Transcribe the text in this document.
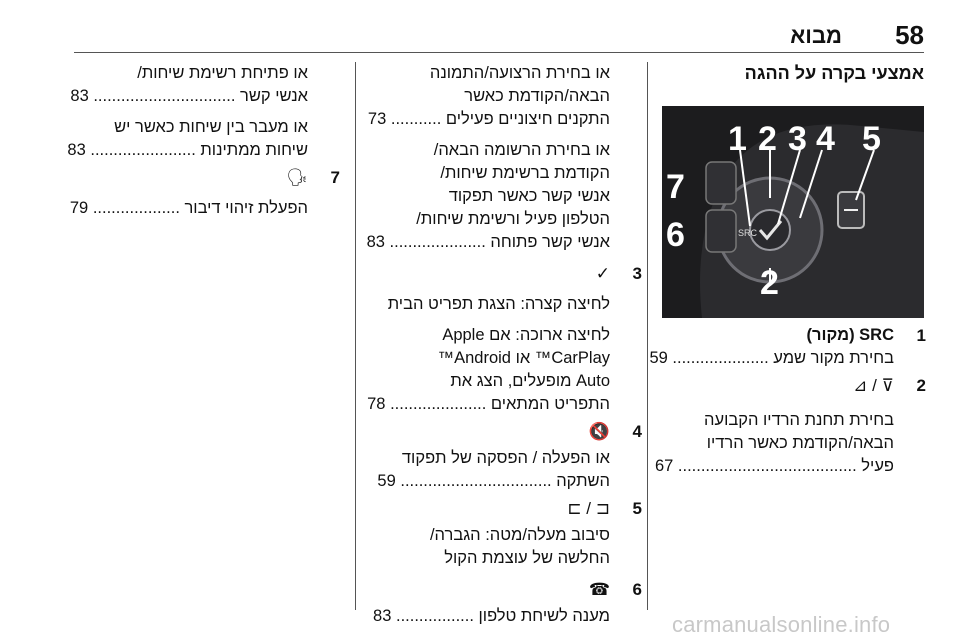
58
מבוא
אמצעי בקרה על ההגה
SRC
1 2 3 4 5
6
7
2
1

SRC (מקור)

בחירת מקור שמע ..................... 59

2

⊽ / ⊿

בחירת תחנת הרדיו הקבועה

הבאה/הקודמת כאשר הרדיו

פעיל ....................................... 67

או בחירת הרצועה/התמונה

הבאה/הקודמת כאשר

התקנים חיצוניים פעילים ........... 73

או בחירת הרשומה הבאה/

הקודמת ברשימת שיחות/

אנשי קשר כאשר תפקוד

הטלפון פעיל ורשימת שיחות/

אנשי קשר פתוחה ..................... 83

3

✓

לחיצה קצרה: הצגת תפריט הבית

לחיצה ארוכה: אם Apple

CarPlay™ או Android™

Auto מופעלים, הצג את

התפריט המתאים ..................... 78

4

🔇

או הפעלה / הפסקה של תפקוד

השתקה ................................. 59

5

⊏ / ⊐

סיבוב מעלה/מטה: הגברה/

החלשה של עוצמת הקול

6

☎

מענה לשיחת טלפון ................. 83

או פתיחת רשימת שיחות/

אנשי קשר ............................... 83

או מעבר בין שיחות כאשר יש

שיחות ממתינות ....................... 83

7

🗣

הפעלת זיהוי דיבור ................... 79

carmanualsonline.info
